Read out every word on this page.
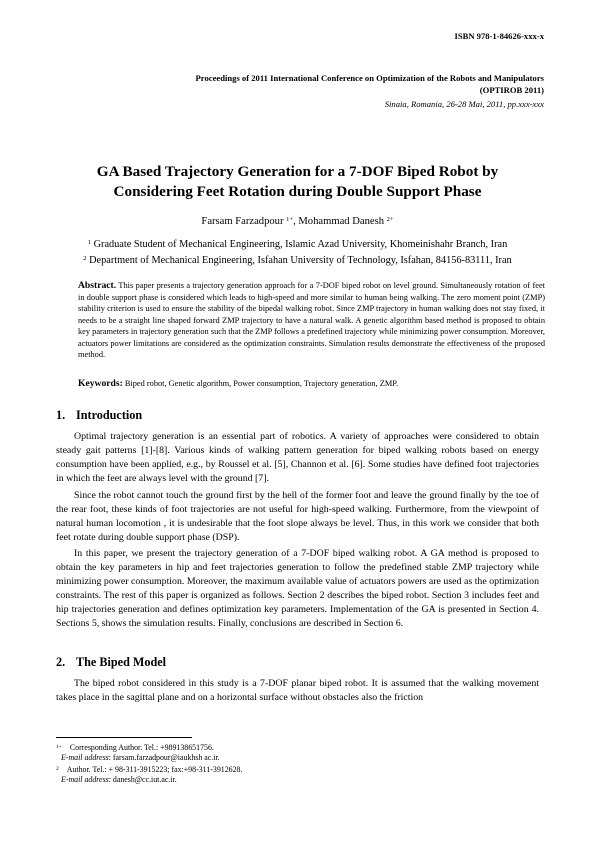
ISBN 978-1-84626-xxx-x
Proceedings of 2011 International Conference on Optimization of the Robots and Manipulators
(OPTIROB 2011)
Sinaia, Romania, 26-28 Mai, 2011, pp.xxx-xxx
GA Based Trajectory Generation for a 7-DOF Biped Robot by
Considering Feet Rotation during Double Support Phase
Farsam Farzadpour $^{1+}$, Mohammad Danesh $^{2+}$
$^1$ Graduate Student of Mechanical Engineering, Islamic Azad University, Khomeinishahr Branch, Iran
$^2$ Department of Mechanical Engineering, Isfahan University of Technology, Isfahan, 84156-83111, Iran
Abstract. This paper presents a trajectory generation approach for a 7-DOF biped robot on level ground. Simultaneously rotation of feet in double support phase is considered which leads to high-speed and more similar to human being walking. The zero moment point (ZMP) stability criterion is used to ensure the stability of the bipedal walking robot. Since ZMP trajectory in human walking does not stay fixed, it needs to be a straight line shaped forward ZMP trajectory to have a natural walk. A genetic algorithm based method is proposed to obtain key parameters in trajectory generation such that the ZMP follows a predefined trajectory while minimizing power consumption. Moreover, actuators power limitations are considered as the optimization constraints. Simulation results demonstrate the effectiveness of the proposed method.
Keywords: Biped robot, Genetic algorithm, Power consumption, Trajectory generation, ZMP.
1. Introduction

Optimal trajectory generation is an essential part of robotics. A variety of approaches were considered to obtain steady gait patterns [1]-[8]. Various kinds of walking pattern generation for biped walking robots based on energy consumption have been applied, e.g., by Roussel et al. [5], Channon et al. [6]. Some studies have defined foot trajectories in which the feet are always level with the ground [7].

Since the robot cannot touch the ground first by the hell of the former foot and leave the ground finally by the toe of the rear foot, these kinds of foot trajectories are not useful for high-speed walking. Furthermore, from the viewpoint of natural human locomotion , it is undesirable that the foot slope always be level. Thus, in this work we consider that both feet rotate during double support phase (DSP).

In this paper, we present the trajectory generation of a 7-DOF biped walking robot. A GA method is proposed to obtain the key parameters in hip and feet trajectories generation to follow the predefined stable ZMP trajectory while minimizing power consumption. Moreover, the maximum available value of actuators powers are used as the optimization constraints. The rest of this paper is organized as follows. Section 2 describes the biped robot. Section 3 includes feet and hip trajectories generation and defines optimization key parameters. Implementation of the GA is presented in Section 4. Sections 5, shows the simulation results. Finally, conclusions are described in Section 6.

2. The Biped Model

The biped robot considered in this study is a 7-DOF planar biped robot. It is assumed that the walking movement takes place in the sagittal plane and on a horizontal surface without obstacles also the friction

$^{1+}$ Corresponding Author. Tel.: +989138651756.
E-mail address: farsam.farzadpour@iaukhsh ac.ir.
$^2$ Author. Tel.: + 98-311-3915223; fax:+98-311-3912628.
E-mail address: danesh@cc.iut.ac.ir.
